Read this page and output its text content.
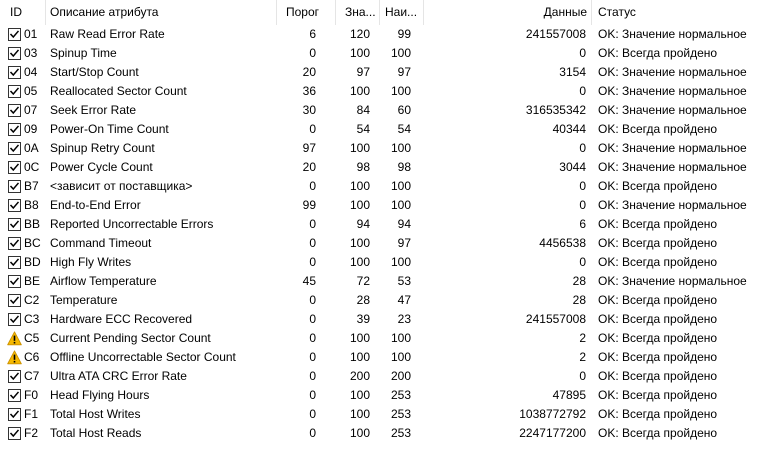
ID	Описание атрибута	Порог	Зна... Наи...	Данные Статус
01	Raw Read Error Rate	6	120	99	241557008 OK: Значение нормальное
03	Spinup Time	0	100	100	0 OK: Всегда пройдено
04	Start/Stop Count	20	97	97	3154 OK: Значение нормальное
05	Reallocated Sector Count	36	100	100	0 OK: Значение нормальное
07	Seek Error Rate	30	84	60	316535342 OK: Значение нормальное
09	Power-On Time Count	0	54	54	40344 OK: Всегда пройдено
0A Spinup Retry Count	97	100	100	0 OK: Значение нормальное
0C Power Cycle Count	20	98	98	3044 OK: Значение нормальное
B7 <зависит от поставщика>	0	100	100	0 OK: Всегда пройдено
B8 End-to-End Error	99	100	100	0 OK: Значение нормальное
BB Reported Uncorrectable Errors	0	94	94	6 OK: Всегда пройдено
BC Command Timeout	0	100	97	4456538 OK: Всегда пройдено
BD High Fly Writes	0	100	100	0 OK: Всегда пройдено
BE Airflow Temperature	45	72	53	28 OK: Значение нормальное
C2 Temperature	0	28	47	28 OK: Всегда пройдено
C3 Hardware ECC Recovered	0	39	23	241557008 OK: Всегда пройдено
C5 Current Pending Sector Count	0	100	100	2 OK: Всегда пройдено
C6 Offline Uncorrectable Sector Count	0	100	100	2 OK: Всегда пройдено
C7 Ultra ATA CRC Error Rate	0	200	200	0 OK: Всегда пройдено
F0 Head Flying Hours	0	100	253	47895 OK: Всегда пройдено
F1 Total Host Writes	0	100	253	1038772792 OK: Всегда пройдено
F2 Total Host Reads	0	100	253	2247177200 OK: Всегда пройдено
